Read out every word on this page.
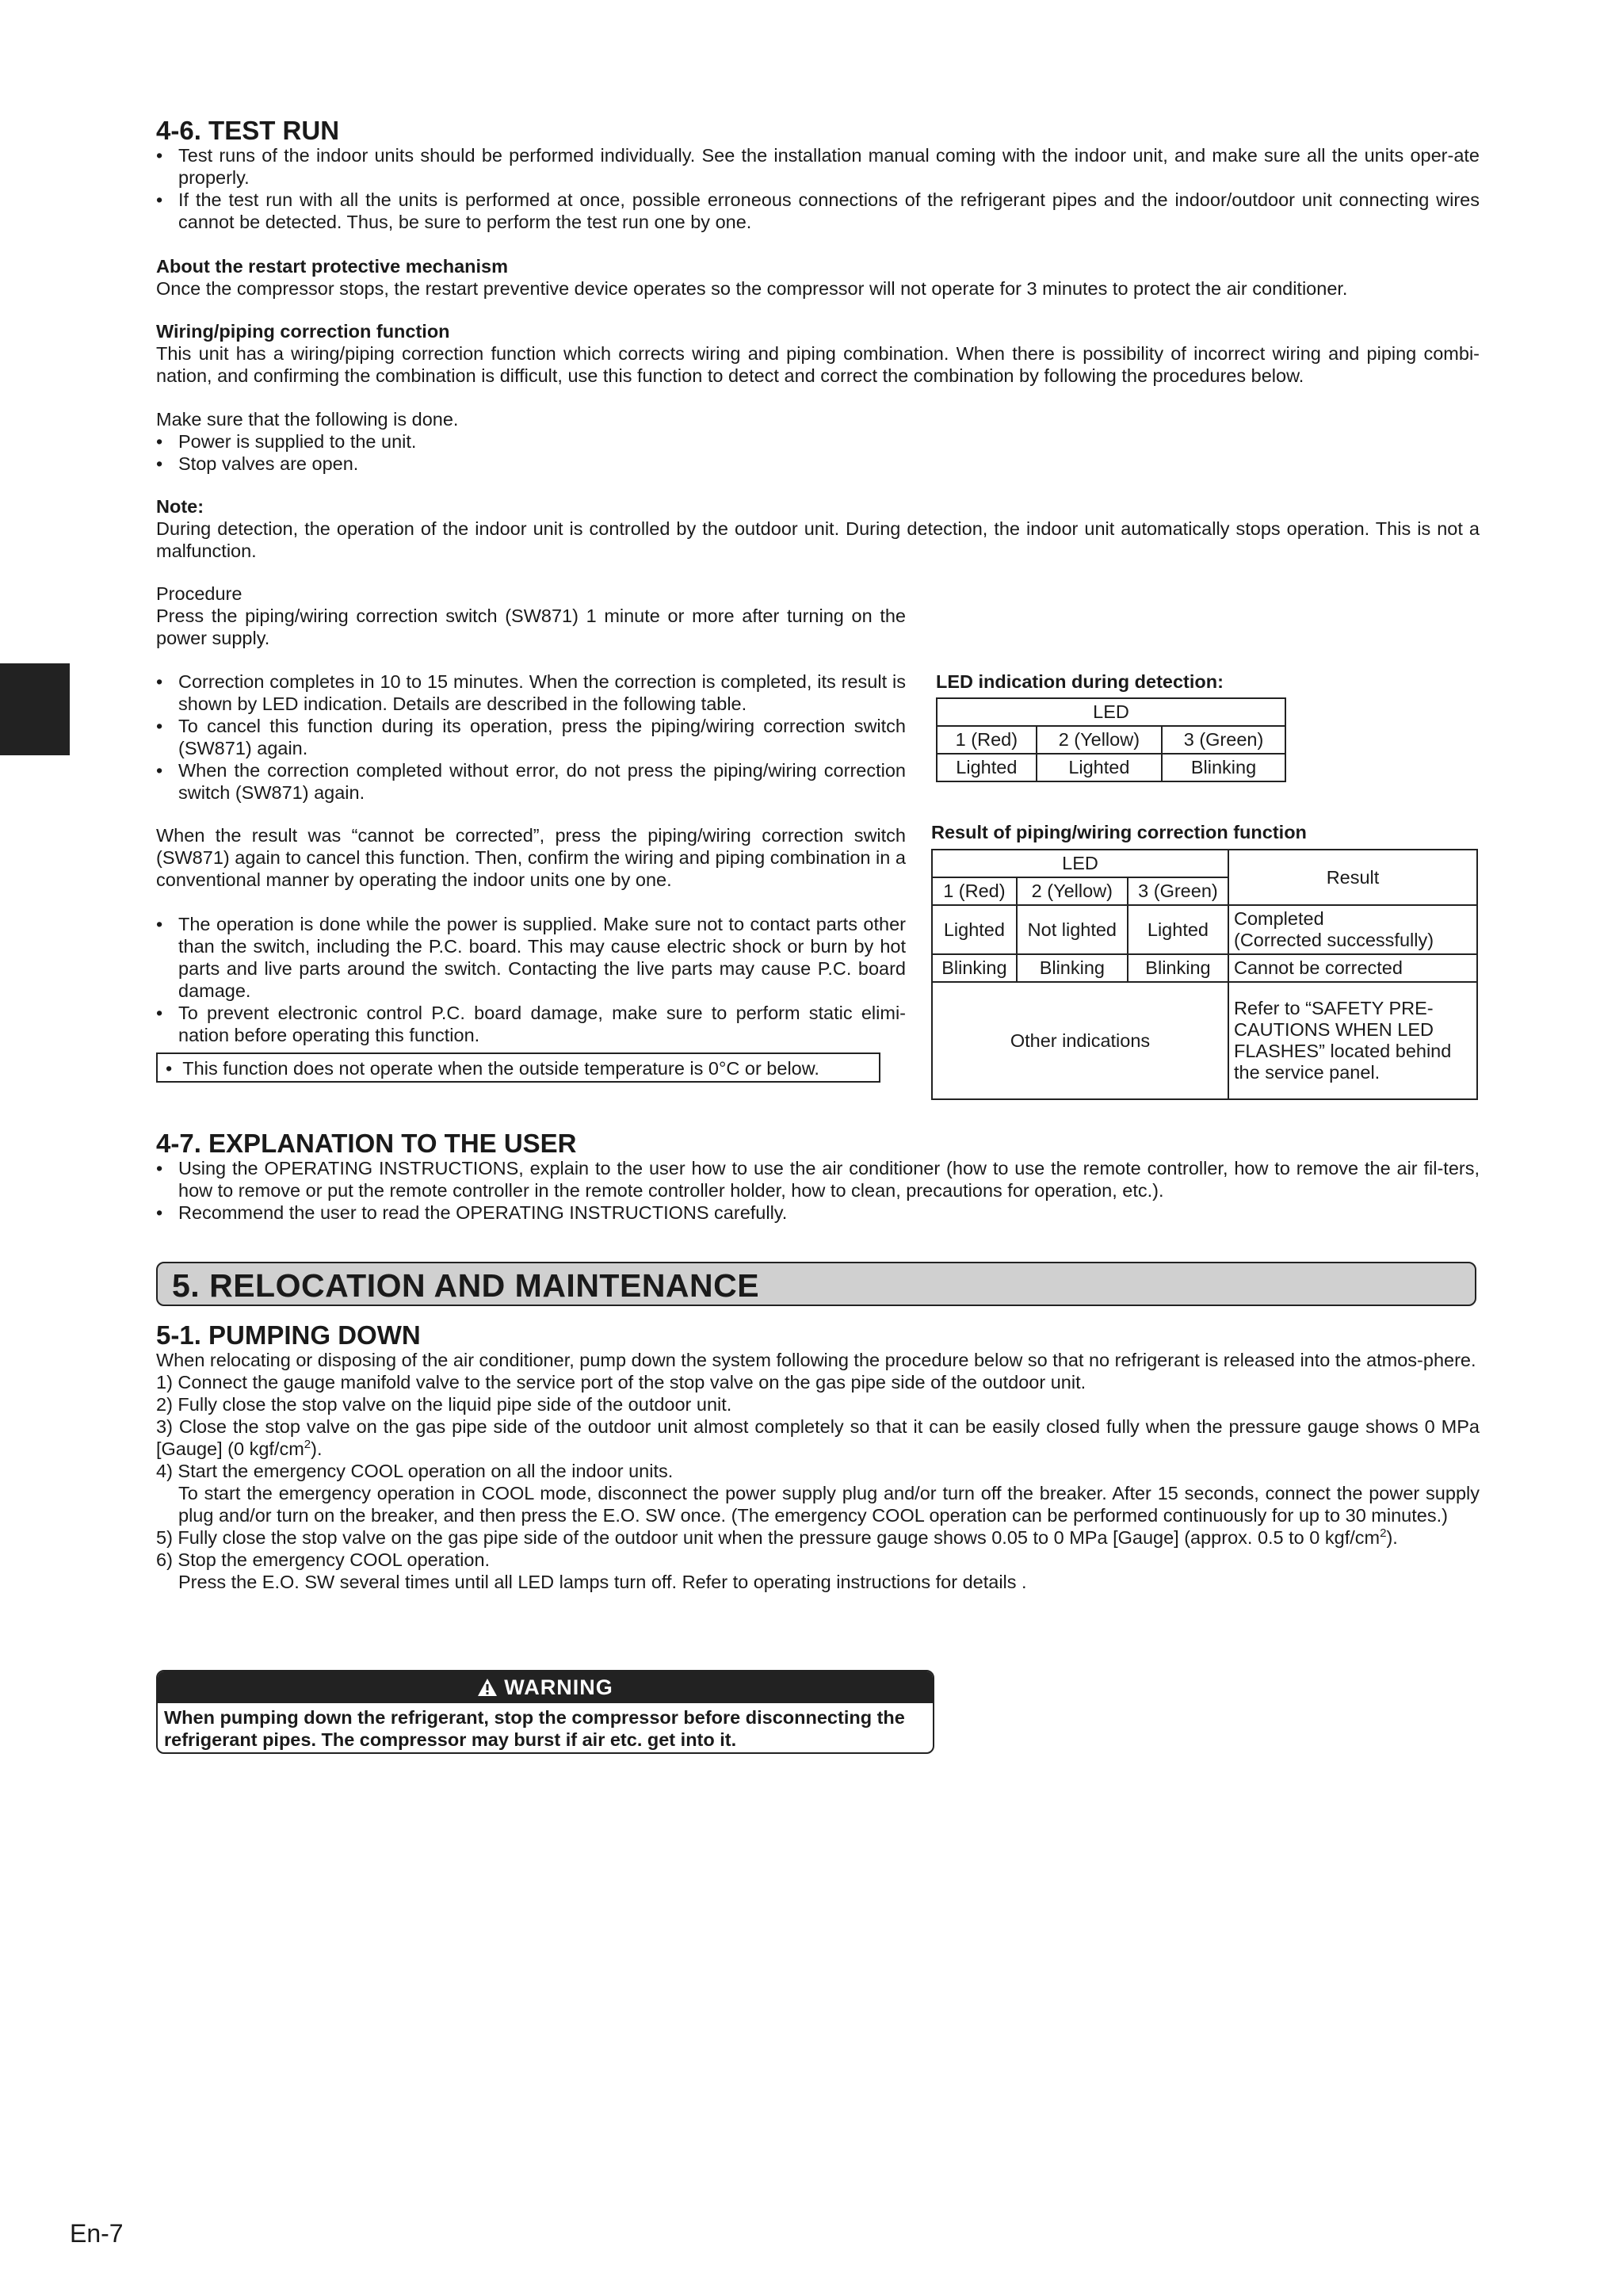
4-6. TEST RUN
• Test runs of the indoor units should be performed individually. See the installation manual coming with the indoor unit, and make sure all the units oper-ate properly.
• If the test run with all the units is performed at once, possible erroneous connections of the refrigerant pipes and the indoor/outdoor unit connecting wires cannot be detected. Thus, be sure to perform the test run one by one.

About the restart protective mechanism

Once the compressor stops, the restart preventive device operates so the compressor will not operate for 3 minutes to protect the air conditioner.

Wiring/piping correction function

This unit has a wiring/piping correction function which corrects wiring and piping combination. When there is possibility of incorrect wiring and piping combi-nation, and confirming the combination is difficult, use this function to detect and correct the combination by following the procedures below.

Make sure that the following is done.

• Power is supplied to the unit.
• Stop valves are open.

Note:

During detection, the operation of the indoor unit is controlled by the outdoor unit. During detection, the indoor unit automatically stops operation. This is not a malfunction.

Procedure

Press the piping/wiring correction switch (SW871) 1 minute or more after turning on the power supply.

• Correction completes in 10 to 15 minutes. When the correction is completed, its result is shown by LED indication. Details are described in the following table.
• To cancel this function during its operation, press the piping/wiring correction switch (SW871) again.
• When the correction completed without error, do not press the piping/wiring correction switch (SW871) again.
When the result was “cannot be corrected”, press the piping/wiring correction switch (SW871) again to cancel this function. Then, confirm the wiring and piping combination in a conventional manner by operating the indoor units one by one.
• The operation is done while the power is supplied. Make sure not to contact parts other than the switch, including the P.C. board. This may cause electric shock or burn by hot parts and live parts around the switch. Contacting the live parts may cause P.C. board damage.
• To prevent electronic control P.C. board damage, make sure to perform static elimi-nation before operating this function.
•  This function does not operate when the outside temperature is 0°C or below.
LED indication during detection:
LED		
1 (Red)	2 (Yellow)	3 (Green)
Lighted	Lighted	Blinking
Result of piping/wiring correction function
LED			Result
1 (Red)	2 (Yellow)	3 (Green)	
Lighted	Not lighted	Lighted	Completed
(Corrected successfully)

Blinking	Blinking	Blinking	Cannot be corrected
Other indications			Refer to “SAFETY PRE-CAUTIONS WHEN LED FLASHES” located behind the service panel.
4-7. EXPLANATION TO THE USER
• Using the OPERATING INSTRUCTIONS, explain to the user how to use the air conditioner (how to use the remote controller, how to remove the air fil-ters, how to remove or put the remote controller in the remote controller holder, how to clean, precautions for operation, etc.).
• Recommend the user to read the OPERATING INSTRUCTIONS carefully.
5. RELOCATION AND MAINTENANCE
5-1. PUMPING DOWN

When relocating or disposing of the air conditioner, pump down the system following the procedure below so that no refrigerant is released into the atmos-phere.

1) Connect the gauge manifold valve to the service port of the stop valve on the gas pipe side of the outdoor unit.
2) Fully close the stop valve on the liquid pipe side of the outdoor unit.
3) Close the stop valve on the gas pipe side of the outdoor unit almost completely so that it can be easily closed fully when the pressure gauge shows 0 MPa [Gauge] (0 kgf/$cm^2$).
4) Start the emergency COOL operation on all the indoor units.
To start the emergency operation in COOL mode, disconnect the power supply plug and/or turn off the breaker. After 15 seconds, connect the power supply plug and/or turn on the breaker, and then press the E.O. SW once. (The emergency COOL operation can be performed continuously for up to 30 minutes.)
5) Fully close the stop valve on the gas pipe side of the outdoor unit when the pressure gauge shows 0.05 to 0 MPa [Gauge] (approx. 0.5 to 0 kgf/$cm^2$).
6) Stop the emergency COOL operation.
Press the E.O. SW several times until all LED lamps turn off. Refer to operating instructions for details .
WARNING
When pumping down the refrigerant, stop the compressor before disconnecting the refrigerant pipes. The compressor may burst if air etc. get into it.
En-7
